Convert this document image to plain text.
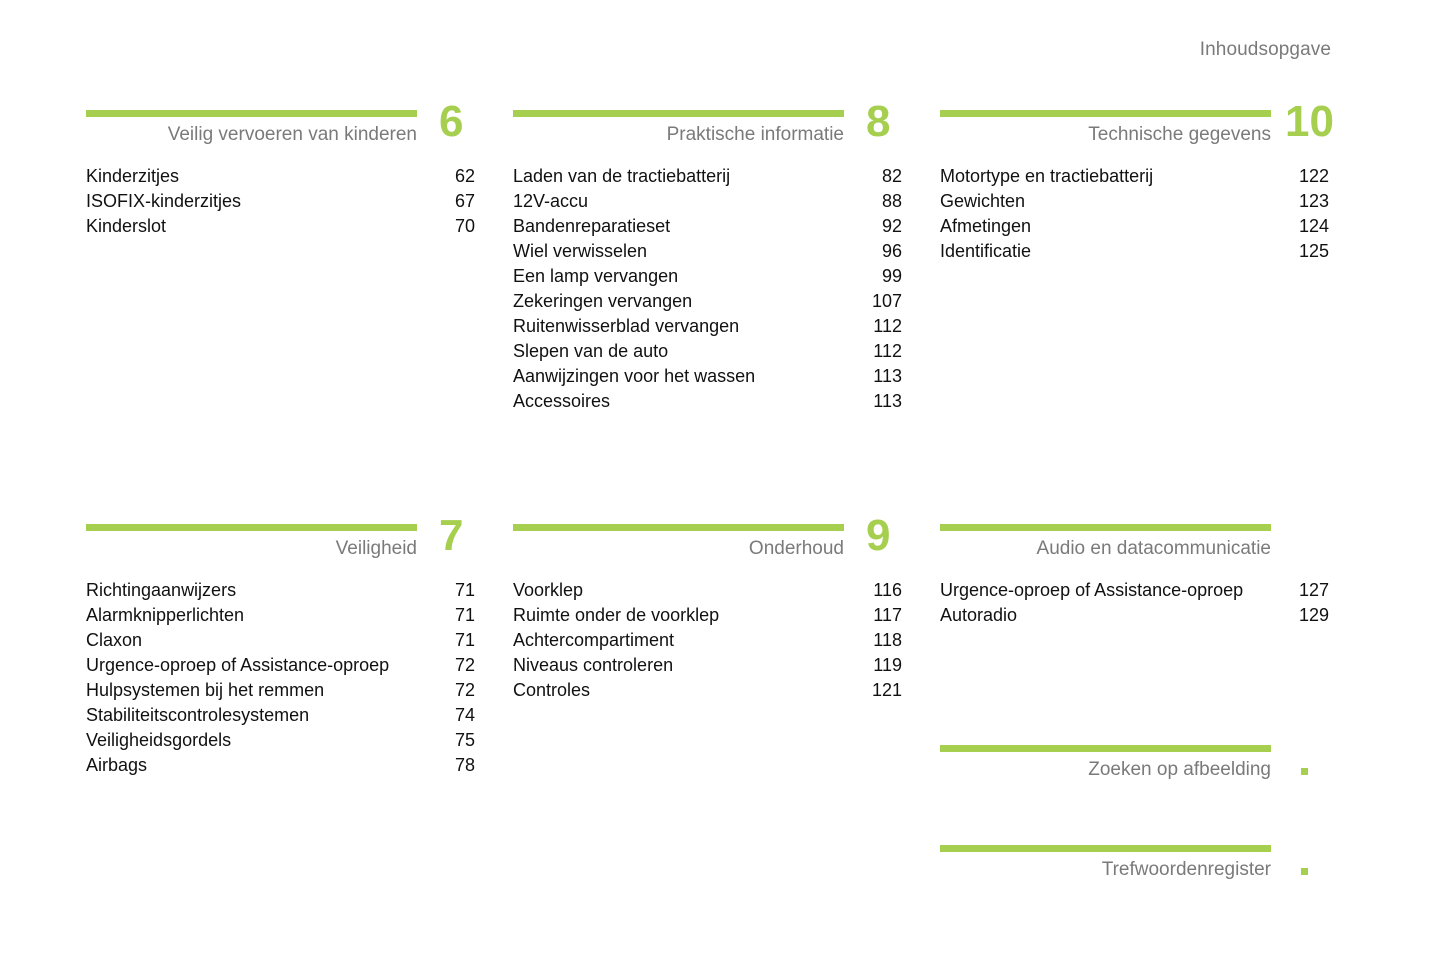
Inhoudsopgave
Veilig vervoeren van kinderen 6
Kinderzitjes	62
ISOFIX-kinderzitjes	67
Kinderslot	70
Praktische informatie 8
Laden van de tractiebatterij	82
12V-accu	88
Bandenreparatieset	92
Wiel verwisselen	96
Een lamp vervangen	99
Zekeringen vervangen	107
Ruitenwisserblad vervangen	112
Slepen van de auto	112
Aanwijzingen voor het wassen	113
Accessoires	113
Technische gegevens 10
Motortype en tractiebatterij	122
Gewichten	123
Afmetingen	124
Identificatie	125
Veiligheid 7
Richtingaanwijzers	71
Alarmknipperlichten	71
Claxon	71
Urgence-oproep of Assistance-oproep	72
Hulpsystemen bij het remmen	72
Stabiliteitscontrolesystemen	74
Veiligheidsgordels	75
Airbags	78
Onderhoud 9
Voorklep	116
Ruimte onder de voorklep	117
Achtercompartiment	118
Niveaus controleren	119
Controles	121
Audio en datacommunicatie
Urgence-oproep of Assistance-oproep	127
Autoradio	129
Zoeken op afbeelding
Trefwoordenregister
